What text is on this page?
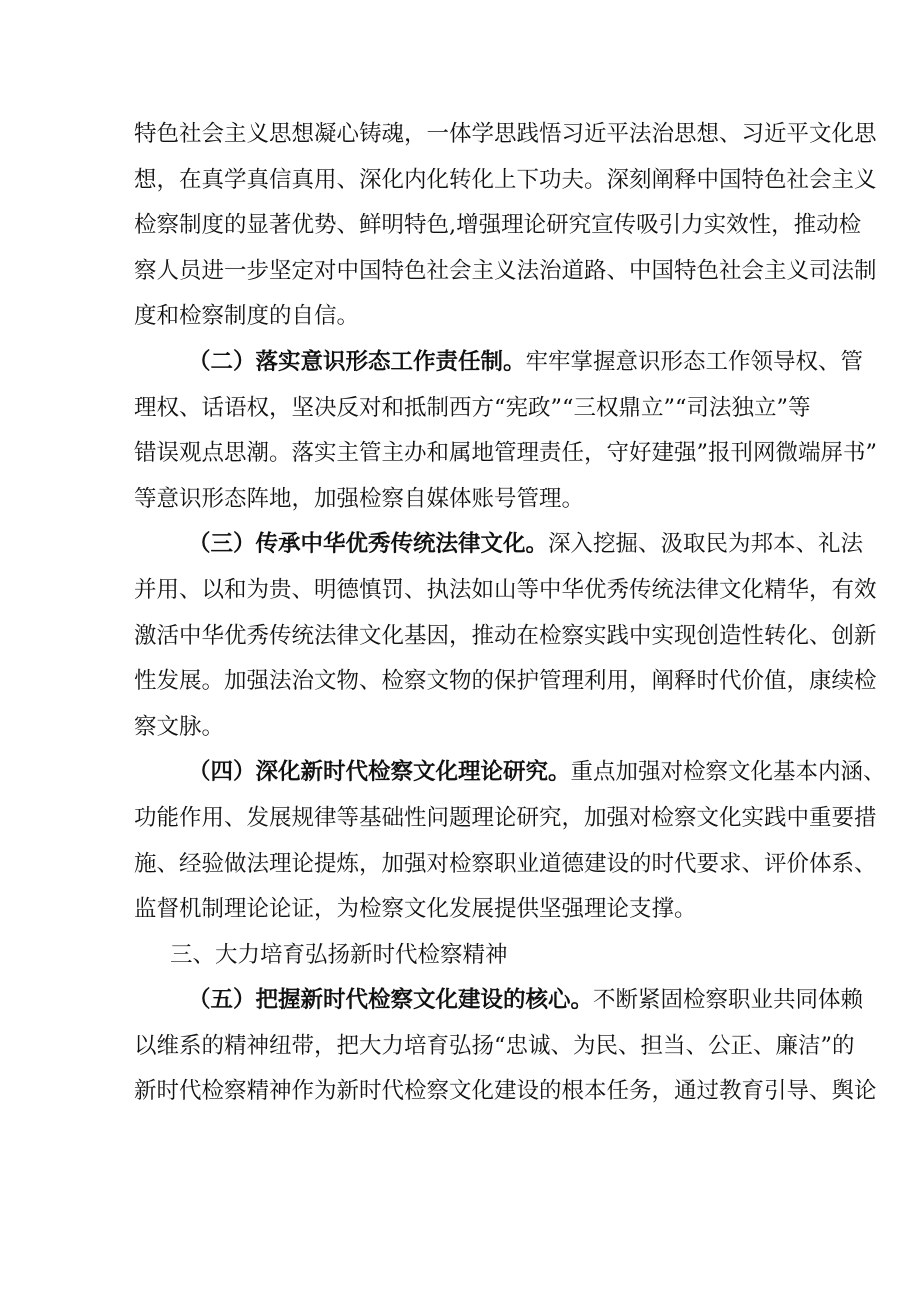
特色社会主义思想凝心铸魂，一体学思践悟习近平法治思想、习近平文化思
想，在真学真信真用、深化内化转化上下功夫。深刻阐释中国特色社会主义
检察制度的显著优势、鲜明特色,增强理论研究宣传吸引力实效性，推动检
察人员进一步坚定对中国特色社会主义法治道路、中国特色社会主义司法制
度和检察制度的自信。
（二）落实意识形态工作责任制。牢牢掌握意识形态工作领导权、管
理权、话语权，坚决反对和抵制西方“宪政”“三权鼎立”“司法独立”等
错误观点思潮。落实主管主办和属地管理责任，守好建强”报刊网微端屏书”
等意识形态阵地，加强检察自媒体账号管理。
（三）传承中华优秀传统法律文化。深入挖掘、汲取民为邦本、礼法
并用、以和为贵、明德慎罚、执法如山等中华优秀传统法律文化精华，有效
激活中华优秀传统法律文化基因，推动在检察实践中实现创造性转化、创新
性发展。加强法治文物、检察文物的保护管理利用，阐释时代价值，康续检
察文脉。
（四）深化新时代检察文化理论研究。重点加强对检察文化基本内涵、
功能作用、发展规律等基础性问题理论研究，加强对检察文化实践中重要措
施、经验做法理论提炼，加强对检察职业道德建设的时代要求、评价体系、
监督机制理论论证，为检察文化发展提供坚强理论支撑。
三、大力培育弘扬新时代检察精神
（五）把握新时代检察文化建设的核心。不断紧固检察职业共同体赖
以维系的精神纽带，把大力培育弘扬“忠诚、为民、担当、公正、廉洁”的
新时代检察精神作为新时代检察文化建设的根本任务，通过教育引导、舆论
